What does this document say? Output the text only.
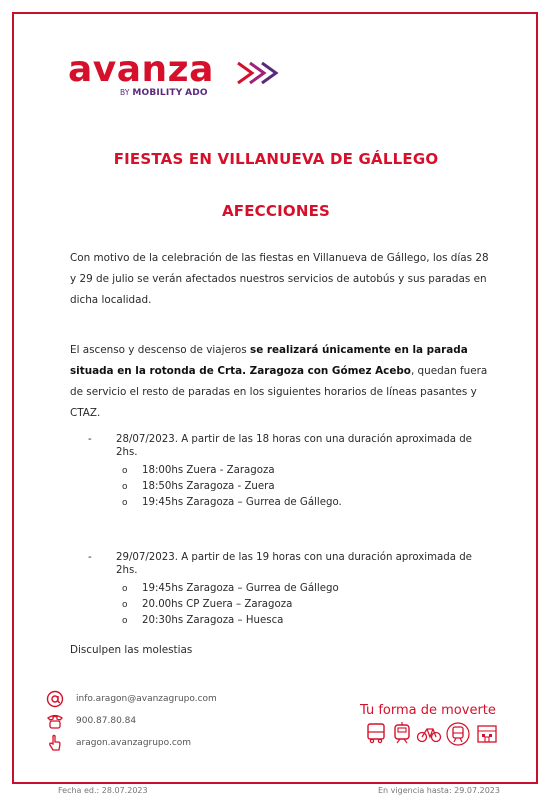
avanza
BY MOBILITY ADO
FIESTAS EN VILLANUEVA DE GÁLLEGO
AFECCIONES
Con motivo de la celebración de las fiestas en Villanueva de Gállego, los días 28 y 29 de julio se verán afectados nuestros servicios de autobús y sus paradas en dicha localidad.
El ascenso y descenso de viajeros se realizará únicamente en la parada situada en la rotonda de Crta. Zaragoza con Gómez Acebo, quedan fuera de servicio el resto de paradas en los siguientes horarios de líneas pasantes y CTAZ.
- 28/07/2023. A partir de las 18 horas con una duración aproximada de 2hs.
o 18:00hs Zuera - Zaragoza
o 18:50hs Zaragoza - Zuera
o 19:45hs Zaragoza – Gurrea de Gállego.
- 29/07/2023. A partir de las 19 horas con una duración aproximada de 2hs.
o 19:45hs Zaragoza – Gurrea de Gállego
o 20.00hs CP Zuera – Zaragoza
o 20:30hs Zaragoza – Huesca
Disculpen las molestias
info.aragon@avanzagrupo.com
900.87.80.84
aragon.avanzagrupo.com
Tu forma de moverte
Fecha ed.: 28.07.2023	En vigencia hasta: 29.07.2023
